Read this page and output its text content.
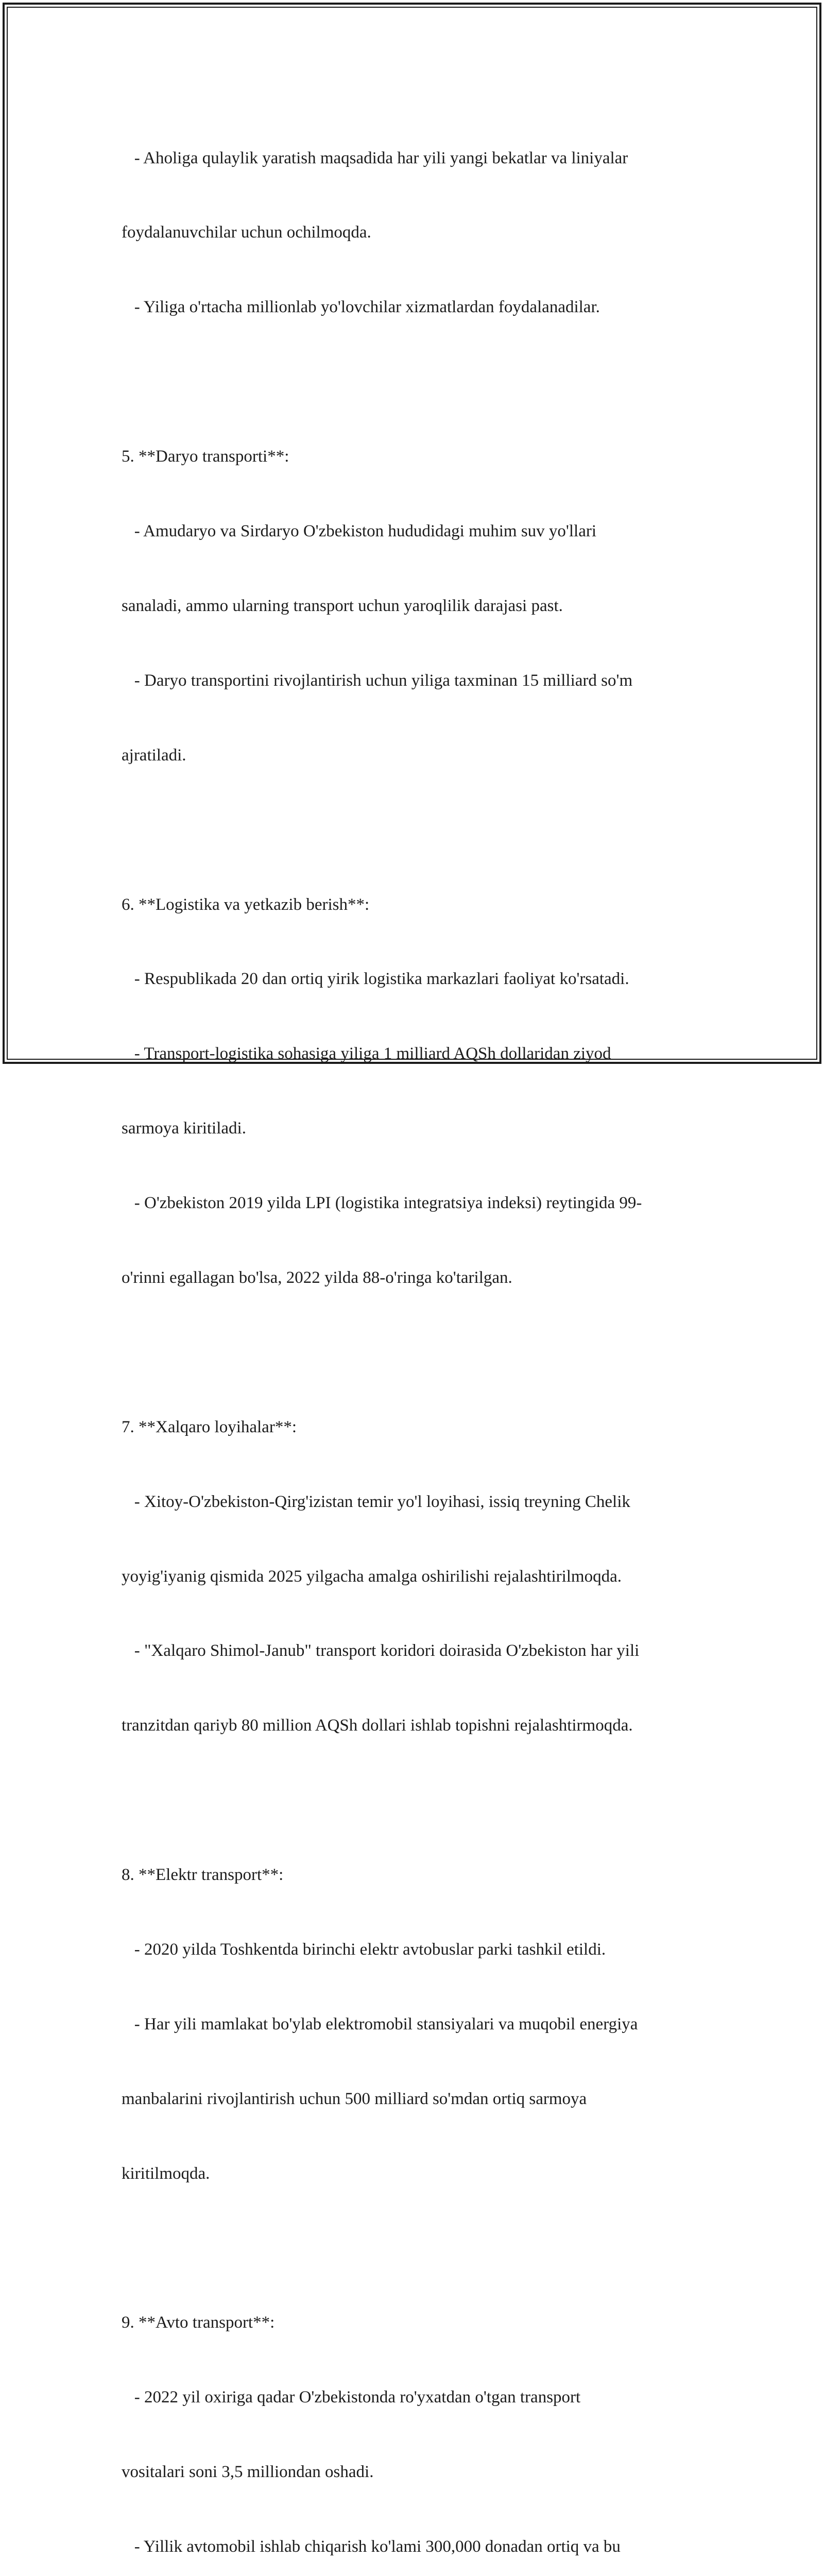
- Aholiga qulaylik yaratish maqsadida har yili yangi bekatlar va liniyalar

foydalanuvchilar uchun ochilmoqda.

- Yiliga o'rtacha millionlab yo'lovchilar xizmatlardan foydalanadilar.

5. **Daryo transporti**:

- Amudaryo va Sirdaryo O'zbekiston hududidagi muhim suv yo'llari

sanaladi, ammo ularning transport uchun yaroqlilik darajasi past.

- Daryo transportini rivojlantirish uchun yiliga taxminan 15 milliard so'm

ajratiladi.

6. **Logistika va yetkazib berish**:

- Respublikada 20 dan ortiq yirik logistika markazlari faoliyat ko'rsatadi.

- Transport-logistika sohasiga yiliga 1 milliard AQSh dollaridan ziyod

sarmoya kiritiladi.

- O'zbekiston 2019 yilda LPI (logistika integratsiya indeksi) reytingida 99-

o'rinni egallagan bo'lsa, 2022 yilda 88-o'ringa ko'tarilgan.

7. **Xalqaro loyihalar**:

- Xitoy-O'zbekiston-Qirg'izistan temir yo'l loyihasi, issiq treyning Chelik

yoyig'iyanig qismida 2025 yilgacha amalga oshirilishi rejalashtirilmoqda.

- "Xalqaro Shimol-Janub" transport koridori doirasida O'zbekiston har yili

tranzitdan qariyb 80 million AQSh dollari ishlab topishni rejalashtirmoqda.

8. **Elektr transport**:

- 2020 yilda Toshkentda birinchi elektr avtobuslar parki tashkil etildi.

- Har yili mamlakat bo'ylab elektromobil stansiyalari va muqobil energiya

manbalarini rivojlantirish uchun 500 milliard so'mdan ortiq sarmoya

kiritilmoqda.

9. **Avto transport**:

- 2022 yil oxiriga qadar O'zbekistonda ro'yxatdan o'tgan transport

vositalari soni 3,5 milliondan oshadi.

- Yillik avtomobil ishlab chiqarish ko'lami 300,000 donadan ortiq va bu
